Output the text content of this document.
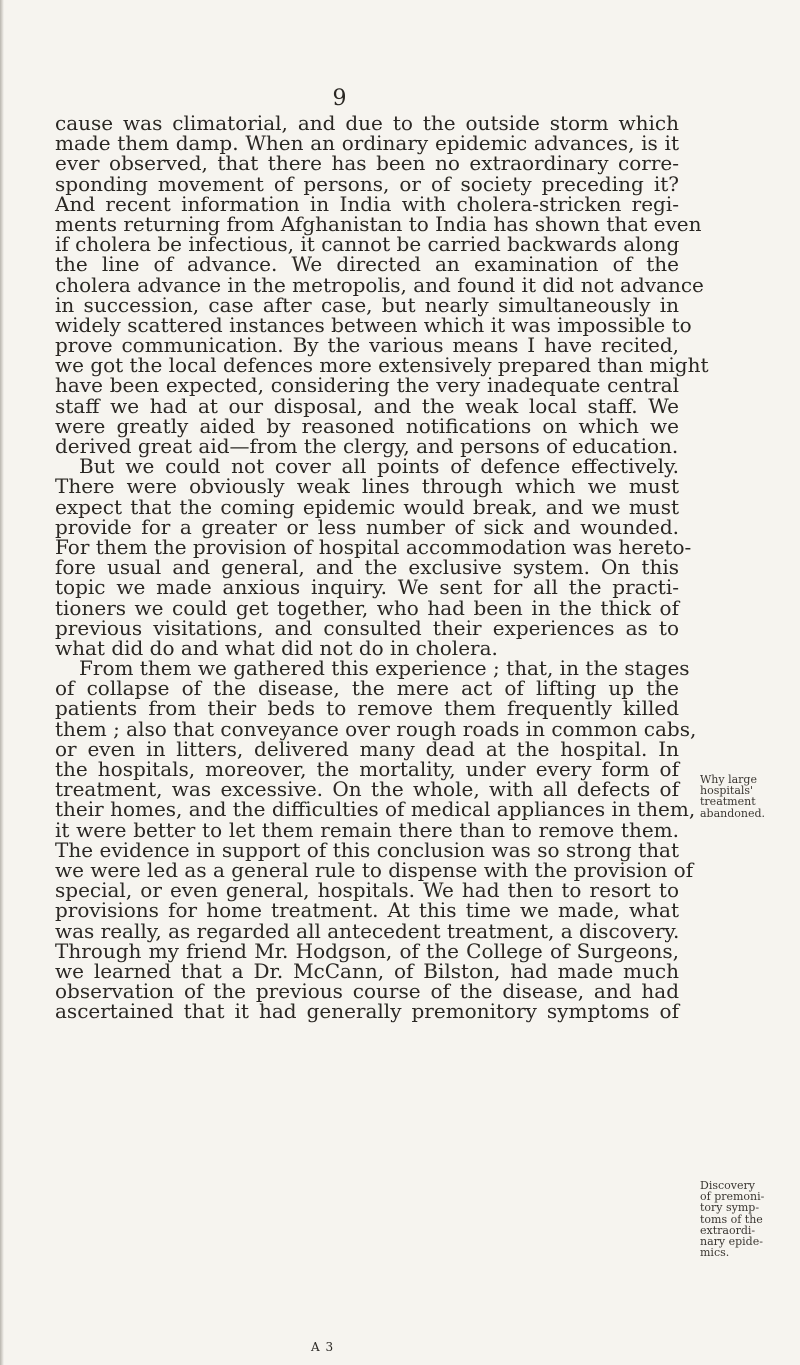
9
cause was climatorial, and due to the outside storm which
made them damp. When an ordinary epidemic advances, is it
ever observed, that there has been no extraordinary corre-
sponding movement of persons, or of society preceding it?
And recent information in India with cholera-stricken regi-
ments returning from Afghanistan to India has shown that even
if cholera be infectious, it cannot be carried backwards along
the line of advance. We directed an examination of the
cholera advance in the metropolis, and found it did not advance
in succession, case after case, but nearly simultaneously in
widely scattered instances between which it was impossible to
prove communication. By the various means I have recited,
we got the local defences more extensively prepared than might
have been expected, considering the very inadequate central
staff we had at our disposal, and the weak local staff. We
were greatly aided by reasoned notifications on which we
derived great aid—from the clergy, and persons of education.
But we could not cover all points of defence effectively.
There were obviously weak lines through which we must
expect that the coming epidemic would break, and we must
provide for a greater or less number of sick and wounded.
For them the provision of hospital accommodation was hereto-
fore usual and general, and the exclusive system. On this
topic we made anxious inquiry. We sent for all the practi-
tioners we could get together, who had been in the thick of
previous visitations, and consulted their experiences as to
what did do and what did not do in cholera.
From them we gathered this experience ; that, in the stages
of collapse of the disease, the mere act of lifting up the
patients from their beds to remove them frequently killed
them ; also that conveyance over rough roads in common cabs,
or even in litters, delivered many dead at the hospital. In
the hospitals, moreover, the mortality, under every form of
treatment, was excessive. On the whole, with all defects of
their homes, and the difficulties of medical appliances in them,
it were better to let them remain there than to remove them.
The evidence in support of this conclusion was so strong that
we were led as a general rule to dispense with the provision of
special, or even general, hospitals. We had then to resort to
provisions for home treatment. At this time we made, what
was really, as regarded all antecedent treatment, a discovery.
Through my friend Mr. Hodgson, of the College of Surgeons,
we learned that a Dr. McCann, of Bilston, had made much
observation of the previous course of the disease, and had
ascertained that it had generally premonitory symptoms of
Why large
hospitals'
treatment
abandoned.
Discovery
of premoni-
tory symp-
toms of the
extraordi-
nary epide-
mics.
A 3
